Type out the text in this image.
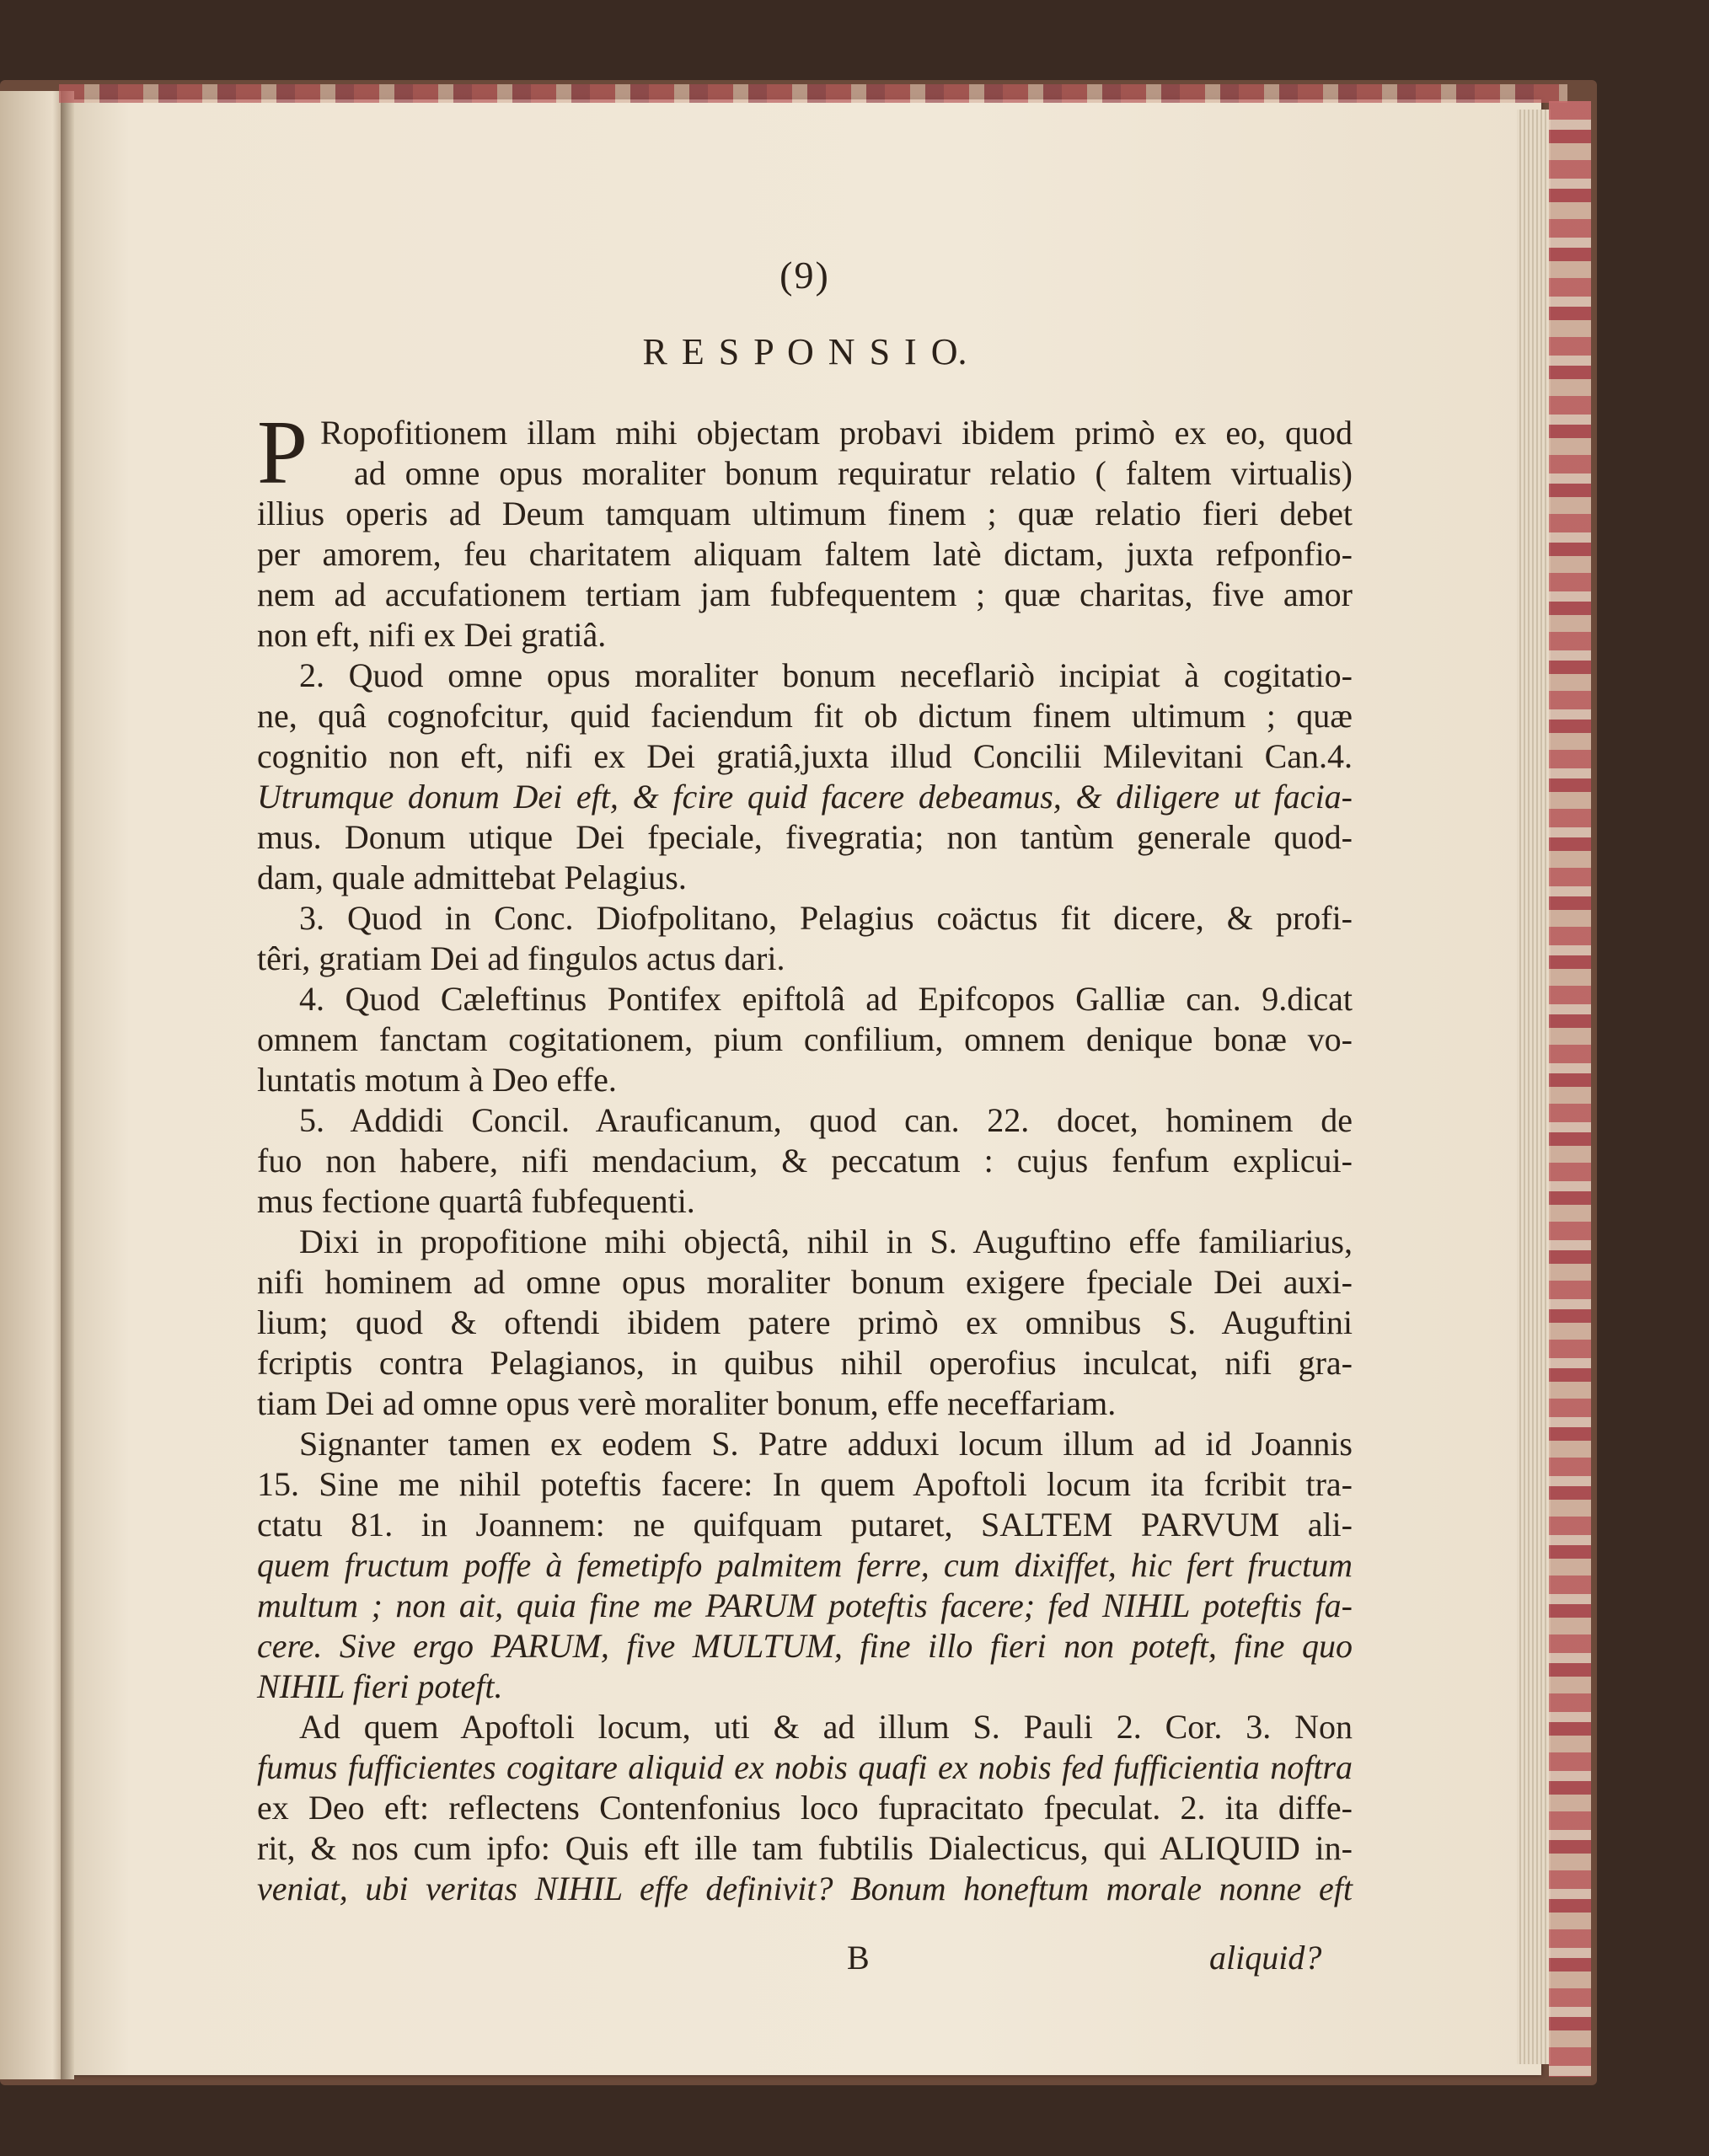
(9)
R E S P O N S I O.
P Ropofitionem illam mihi objectam probavi ibidem primò ex eo, quod
ad omne opus moraliter bonum requiratur relatio ( faltem virtualis)
illius operis ad Deum tamquam ultimum finem ; quæ relatio fieri debet
per amorem, feu charitatem aliquam faltem latè dictam, juxta refponfio-
nem ad accufationem tertiam jam fubfequentem ; quæ charitas, five amor
non eft, nifi ex Dei gratiâ.
2. Quod omne opus moraliter bonum neceflariò incipiat à cogitatio-
ne, quâ cognofcitur, quid faciendum fit ob dictum finem ultimum ; quæ
cognitio non eft, nifi ex Dei gratiâ,juxta illud Concilii Milevitani Can.4.
Utrumque donum Dei eft, & fcire quid facere debeamus, & diligere ut facia-
mus. Donum utique Dei fpeciale, fivegratia; non tantùm generale quod-
dam, quale admittebat Pelagius.
3. Quod in Conc. Diofpolitano, Pelagius coäctus fit dicere, & profi-
têri, gratiam Dei ad fingulos actus dari.
4. Quod Cæleftinus Pontifex epiftolâ ad Epifcopos Galliæ can. 9.dicat
omnem fanctam cogitationem, pium confilium, omnem denique bonæ vo-
luntatis motum à Deo effe.
5. Addidi Concil. Arauficanum, quod can. 22. docet, hominem de
fuo non habere, nifi mendacium, & peccatum : cujus fenfum explicui-
mus fectione quartâ fubfequenti.
Dixi in propofitione mihi objectâ, nihil in S. Auguftino effe familiarius,
nifi hominem ad omne opus moraliter bonum exigere fpeciale Dei auxi-
lium; quod & oftendi ibidem patere primò ex omnibus S. Auguftini
fcriptis contra Pelagianos, in quibus nihil operofius inculcat, nifi gra-
tiam Dei ad omne opus verè moraliter bonum, effe neceffariam.
Signanter tamen ex eodem S. Patre adduxi locum illum ad id Joannis
15. Sine me nihil poteftis facere: In quem Apoftoli locum ita fcribit tra-
ctatu 81. in Joannem: ne quifquam putaret, SALTEM PARVUM ali-
quem fructum poffe à femetipfo palmitem ferre, cum dixiffet, hic fert fructum
multum ; non ait, quia fine me PARUM poteftis facere; fed NIHIL poteftis fa-
cere. Sive ergo PARUM, five MULTUM, fine illo fieri non poteft, fine quo
NIHIL fieri poteft.
Ad quem Apoftoli locum, uti & ad illum S. Pauli 2. Cor. 3. Non
fumus fufficientes cogitare aliquid ex nobis quafi ex nobis fed fufficientia noftra
ex Deo eft: reflectens Contenfonius loco fupracitato fpeculat. 2. ita diffe-
rit, & nos cum ipfo: Quis eft ille tam fubtilis Dialecticus, qui ALIQUID in-
veniat, ubi veritas NIHIL effe definivit? Bonum honeftum morale nonne eft
B	aliquid?
